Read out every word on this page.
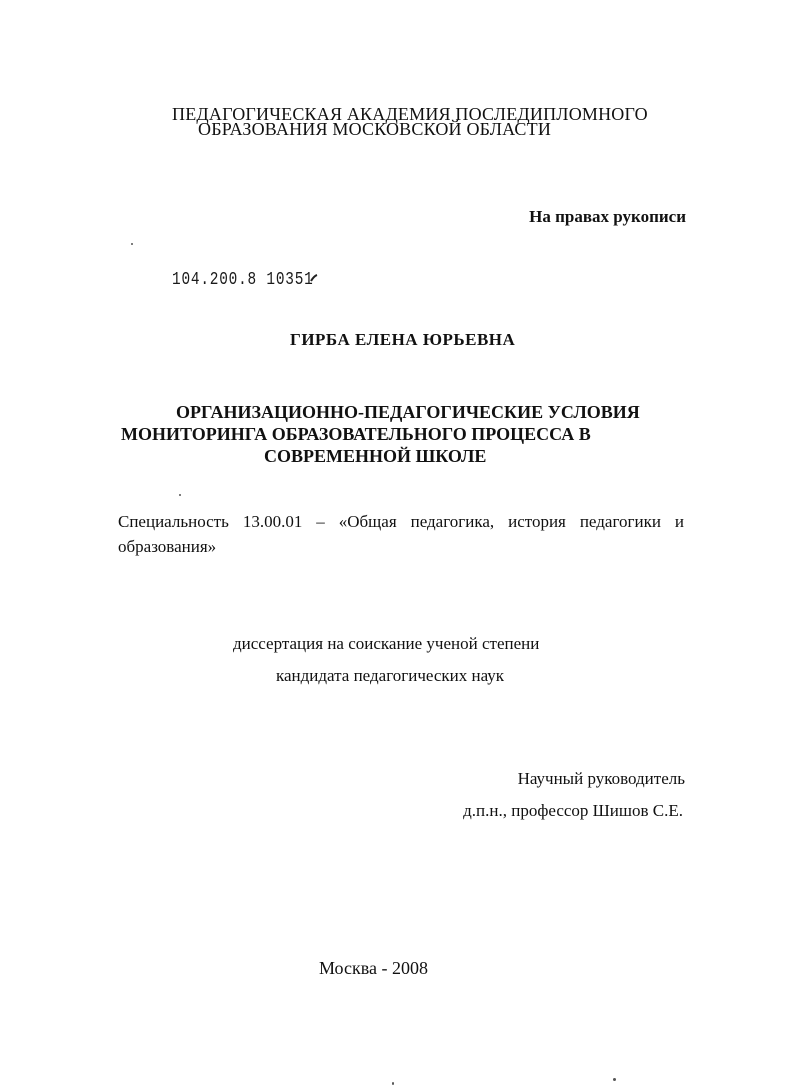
ПЕДАГОГИЧЕСКАЯ АКАДЕМИЯ ПОСЛЕДИПЛОМНОГО
ОБРАЗОВАНИЯ МОСКОВСКОЙ ОБЛАСТИ
На правах рукописи
104.200.8 10351
ГИРБА ЕЛЕНА ЮРЬЕВНА
ОРГАНИЗАЦИОННО-ПЕДАГОГИЧЕСКИЕ УСЛОВИЯ
МОНИТОРИНГА ОБРАЗОВАТЕЛЬНОГО ПРОЦЕССА В
СОВРЕМЕННОЙ ШКОЛЕ
Специальность 13.00.01 – «Общая педагогика, история педагогики и образования»
диссертация на соискание ученой степени
кандидата педагогических наук
Научный руководитель
д.п.н., профессор Шишов С.Е.
Москва - 2008
